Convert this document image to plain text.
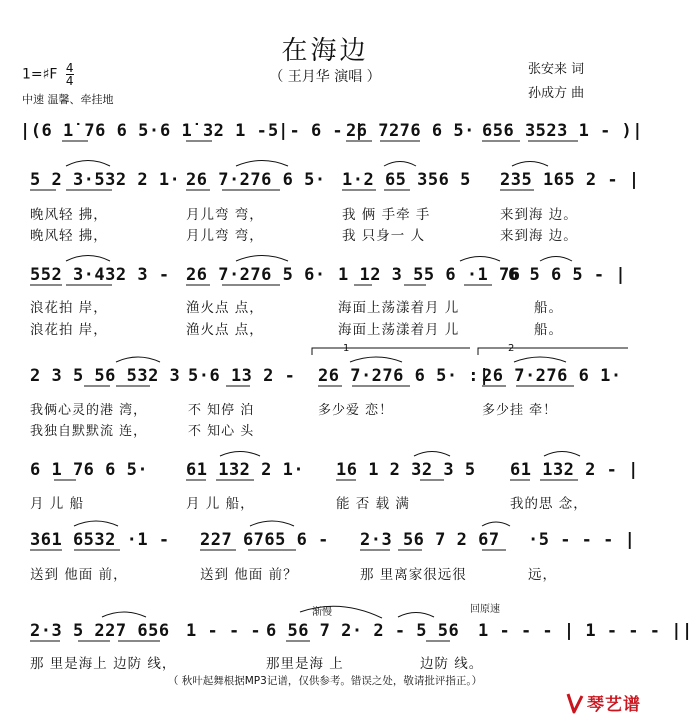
在海边
（ 王月华 演唱 ）
1=♯F $\frac{4}{4}$
中速 温馨、牵挂地
张安来 词
孙成方 曲
|(6 1̇ 76 6 5· 6 1̇ 32 1 - |
5 - 6 - |
26 7276 6 5· 656 3523 1 - )|
5 2 3·532 2 1· 26 7·276 6 5· 1·2 65 356 5 235 165 2 - |
晚风轻 拂，	月儿弯 弯，	我 俩 手牵 手	来到海 边。
晚风轻 拂，	月儿弯 弯，	我 只身一 人	来到海 边。
552 3·432 3 - 26 7·276 5 6· 1 12 3 55 6 ·1 76
6 5 6 5 - |
浪花拍 岸，	渔火点 点，	海面上荡漾着月 儿	船。
浪花拍 岸，	渔火点 点，	海面上荡漾着月 儿	船。
1	2
2 3 5 56 532 3 5·6 13 2 - 26 7·276 6 5· :|
26 7·276 6 1·
我俩心灵的港 湾，	不 知停 泊	多少爱 恋！	多少挂 牵！
我独自默默流 连，	不 知心 头
6 1 76 6 5· 61 132 2 1· 16 1 2 32 3 5 61 132 2 - |
月 儿 船	月 儿 船，	能 否 载 满	我的思 念，
361 6532 ·1 - 227 6765 6 - 2·3 56 7 2 67 ·5 - - - |
送到 他面 前，	送到 他面 前？	那 里离家很远很	远，
渐慢	回原速
2·3 5 227 656 1 - - - 6 56 7 2· 2 - 5 56 1 - - - | 1 - - - ||
那 里是海上 边防 线，	那里是海 上	边防 线。
（ 秋叶起舞根据MP3记谱，仅供参考。错误之处，敬请批评指正。）
琴艺谱
